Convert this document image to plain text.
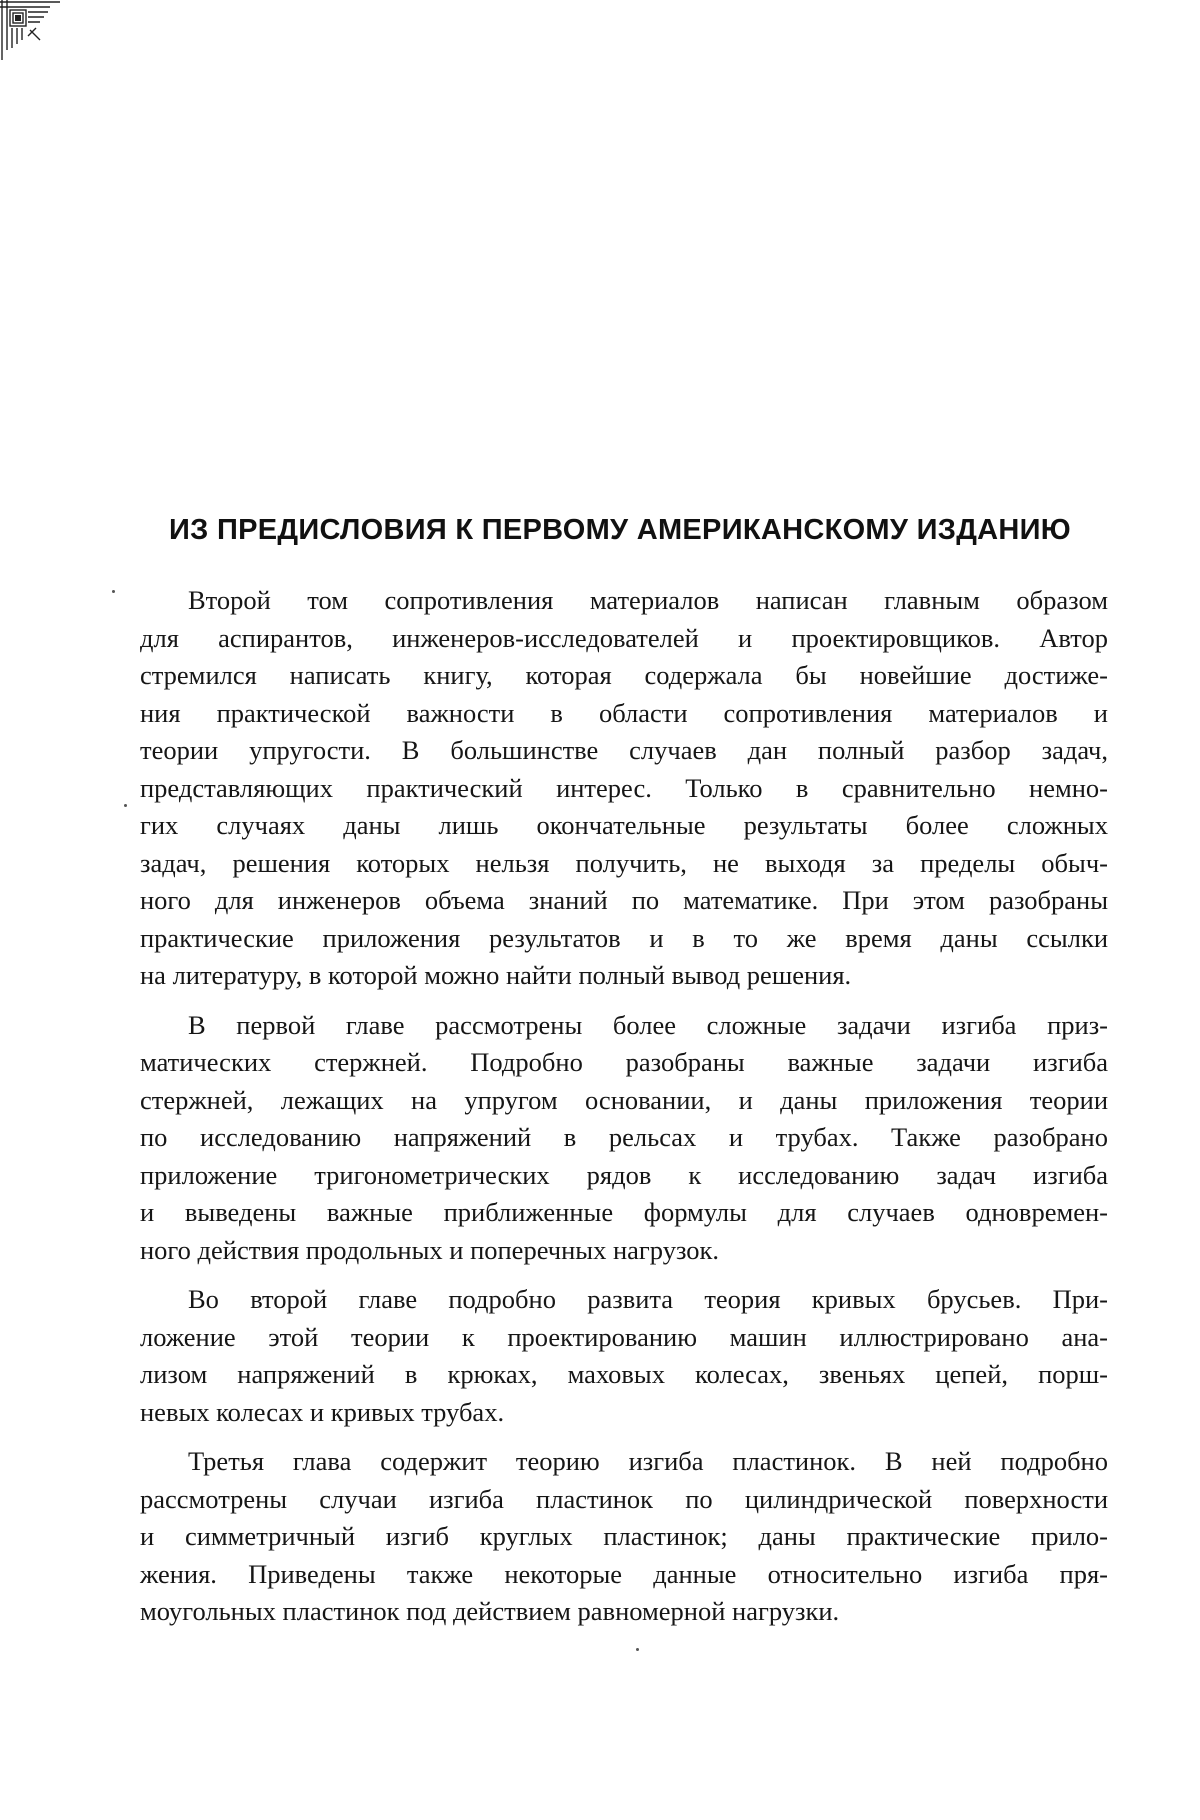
ИЗ ПРЕДИСЛОВИЯ К ПЕРВОМУ АМЕРИКАНСКОМУ ИЗДАНИЮ
Второй том сопротивления материалов написан главным образом
для аспирантов, инженеров-исследователей и проектировщиков. Автор
стремился написать книгу, которая содержала бы новейшие достиже-
ния практической важности в области сопротивления материалов и
теории упругости. В большинстве случаев дан полный разбор задач,
представляющих практический интерес. Только в сравнительно немно-
гих случаях даны лишь окончательные результаты более сложных
задач, решения которых нельзя получить, не выходя за пределы обыч-
ного для инженеров объема знаний по математике. При этом разобраны
практические приложения результатов и в то же время даны ссылки
на литературу, в которой можно найти полный вывод решения.
В первой главе рассмотрены более сложные задачи изгиба приз-
матических стержней. Подробно разобраны важные задачи изгиба
стержней, лежащих на упругом основании, и даны приложения теории
по исследованию напряжений в рельсах и трубах. Также разобрано
приложение тригонометрических рядов к исследованию задач изгиба
и выведены важные приближенные формулы для случаев одновремен-
ного действия продольных и поперечных нагрузок.
Во второй главе подробно развита теория кривых брусьев. При-
ложение этой теории к проектированию машин иллюстрировано ана-
лизом напряжений в крюках, маховых колесах, звеньях цепей, порш-
невых колесах и кривых трубах.
Третья глава содержит теорию изгиба пластинок. В ней подробно
рассмотрены случаи изгиба пластинок по цилиндрической поверхности
и симметричный изгиб круглых пластинок; даны практические прило-
жения. Приведены также некоторые данные относительно изгиба пря-
моугольных пластинок под действием равномерной нагрузки.
